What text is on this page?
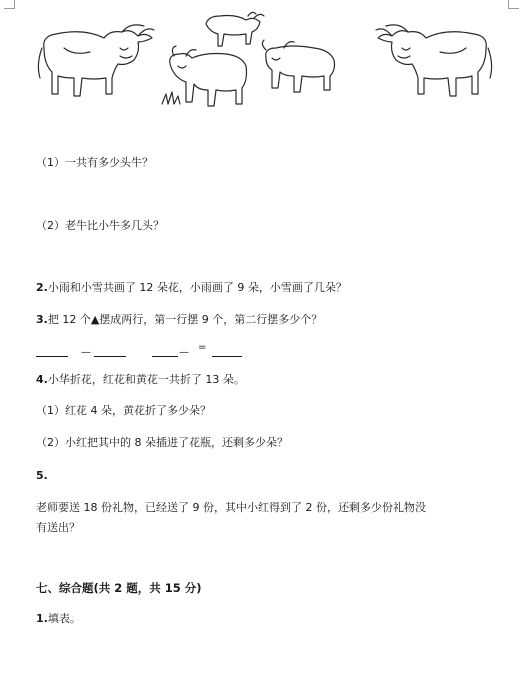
（1）一共有多少头牛？
（2）老牛比小牛多几头？
2.小雨和小雪共画了 12 朵花，小雨画了 9 朵，小雪画了几朵？
3.把 12 个▲摆成两行，第一行摆 9 个，第二行摆多少个？
—	— =
4.小华折花，红花和黄花一共折了 13 朵。
（1）红花 4 朵，黄花折了多少朵？
（2）小红把其中的 8 朵插进了花瓶，还剩多少朵？
5.
老师要送 18 份礼物，已经送了 9 份，其中小红得到了 2 份，还剩多少份礼物没
有送出？
七、综合题(共 2 题，共 15 分)
1.填表。
